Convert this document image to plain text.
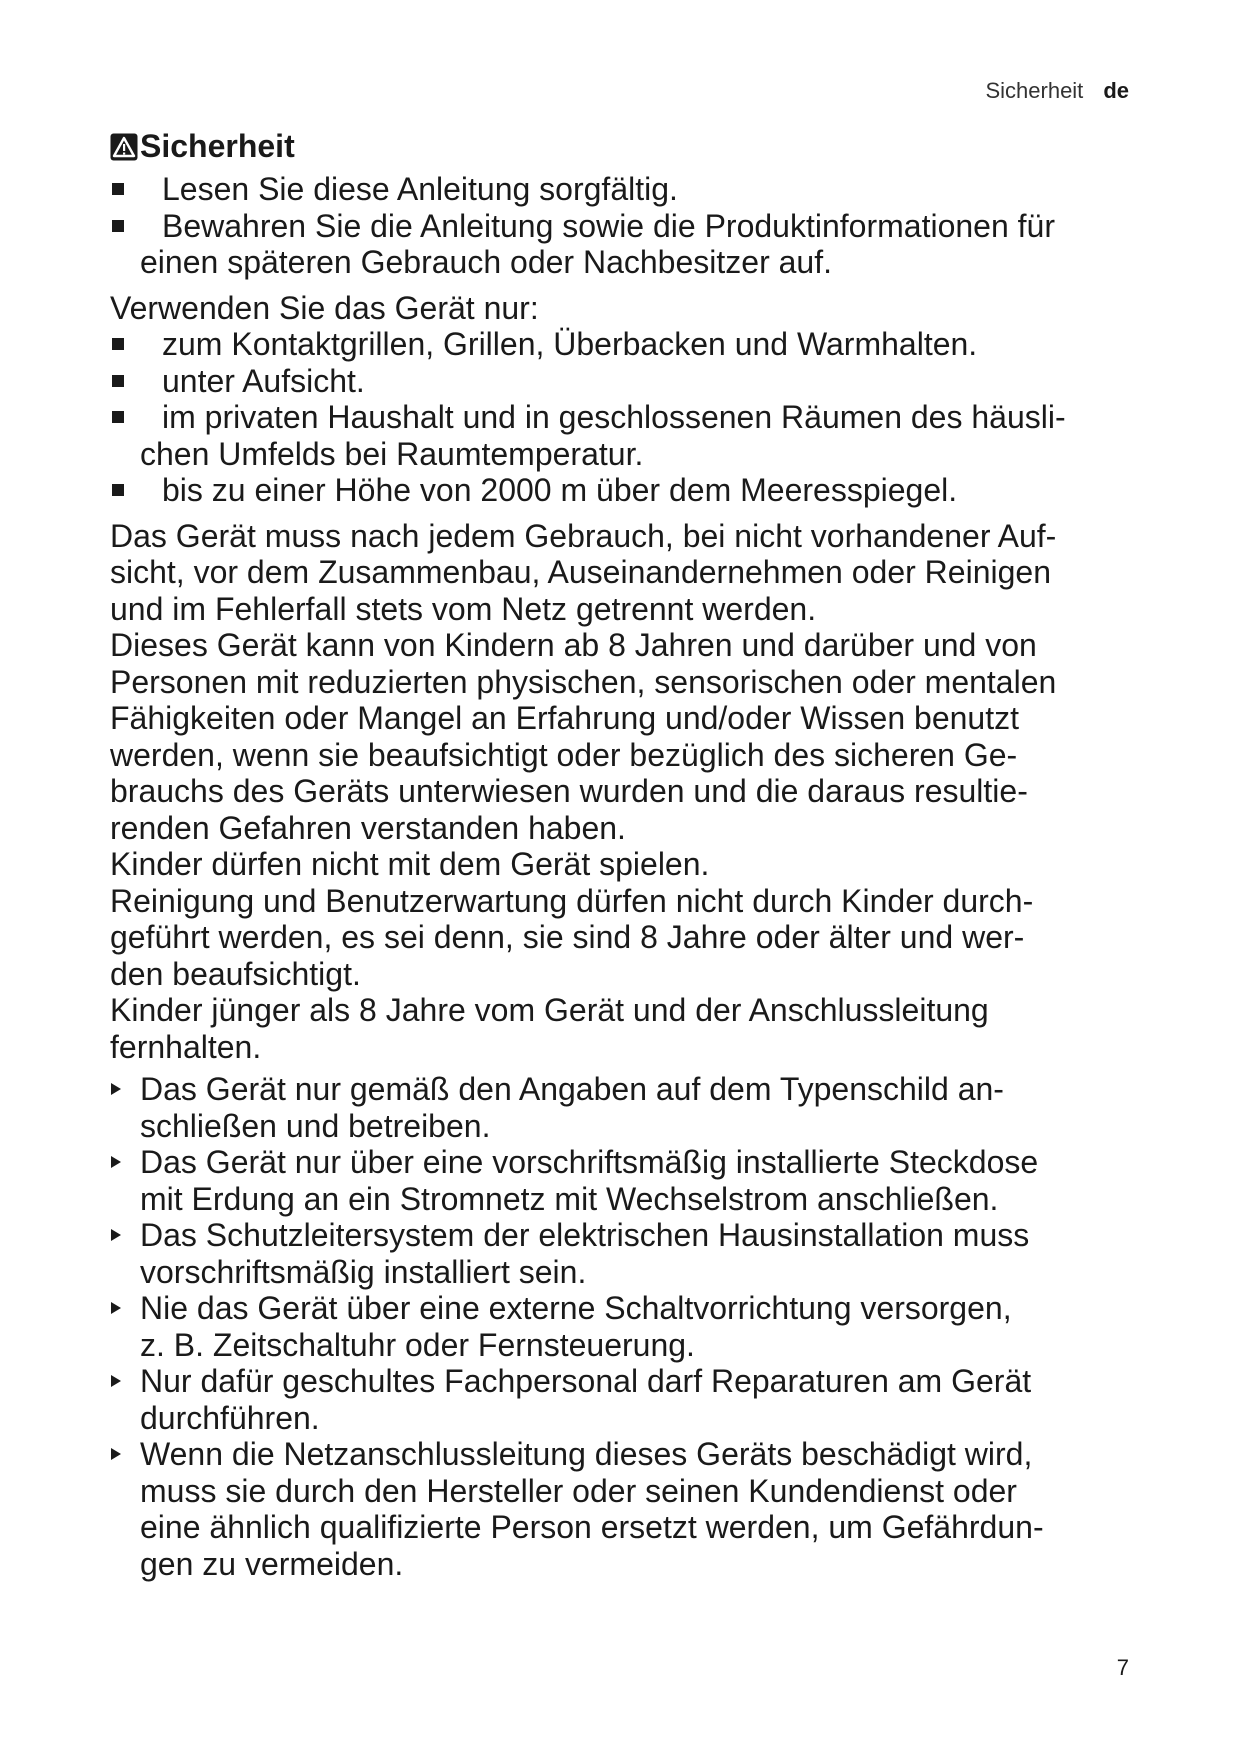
Sicherheit de
Sicherheit
Lesen Sie diese Anleitung sorgfältig.
Bewahren Sie die Anleitung sowie die Produktinformationen für
einen späteren Gebrauch oder Nachbesitzer auf.

Verwenden Sie das Gerät nur:

zum Kontaktgrillen, Grillen, Überbacken und Warmhalten.
unter Aufsicht.
im privaten Haushalt und in geschlossenen Räumen des häusli-
chen Umfelds bei Raumtemperatur.
bis zu einer Höhe von 2000 m über dem Meeresspiegel.

Das Gerät muss nach jedem Gebrauch, bei nicht vorhandener Auf-
sicht, vor dem Zusammenbau, Auseinandernehmen oder Reinigen
und im Fehlerfall stets vom Netz getrennt werden.

Dieses Gerät kann von Kindern ab 8 Jahren und darüber und von
Personen mit reduzierten physischen, sensorischen oder mentalen
Fähigkeiten oder Mangel an Erfahrung und/oder Wissen benutzt
werden, wenn sie beaufsichtigt oder bezüglich des sicheren Ge-
brauchs des Geräts unterwiesen wurden und die daraus resultie-
renden Gefahren verstanden haben.

Kinder dürfen nicht mit dem Gerät spielen.

Reinigung und Benutzerwartung dürfen nicht durch Kinder durch-
geführt werden, es sei denn, sie sind 8 Jahre oder älter und wer-
den beaufsichtigt.

Kinder jünger als 8 Jahre vom Gerät und der Anschlussleitung
fernhalten.

Das Gerät nur gemäß den Angaben auf dem Typenschild an-
schließen und betreiben.
Das Gerät nur über eine vorschriftsmäßig installierte Steckdose
mit Erdung an ein Stromnetz mit Wechselstrom anschließen.
Das Schutzleitersystem der elektrischen Hausinstallation muss
vorschriftsmäßig installiert sein.
Nie das Gerät über eine externe Schaltvorrichtung versorgen,
z. B. Zeitschaltuhr oder Fernsteuerung.
Nur dafür geschultes Fachpersonal darf Reparaturen am Gerät
durchführen.
Wenn die Netzanschlussleitung dieses Geräts beschädigt wird,
muss sie durch den Hersteller oder seinen Kundendienst oder
eine ähnlich qualifizierte Person ersetzt werden, um Gefährdun-
gen zu vermeiden.
7
